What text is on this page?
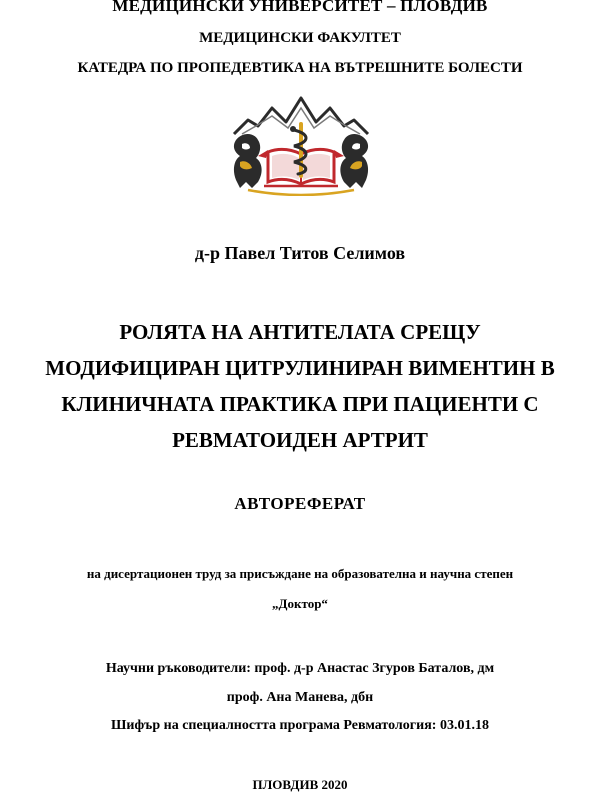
МЕДИЦИНСКИ УНИВЕРСИТЕТ – ПЛОВДИВ
МЕДИЦИНСКИ ФАКУЛТЕТ
КАТЕДРА ПО ПРОПЕДЕВТИКА НА ВЪТРЕШНИТЕ БОЛЕСТИ
д-р Павел Титов Селимов
РОЛЯТА НА АНТИТЕЛАТА СРЕЩУ
МОДИФИЦИРАН ЦИТРУЛИНИРАН ВИМЕНТИН В
КЛИНИЧНАТА ПРАКТИКА ПРИ ПАЦИЕНТИ С
РЕВМАТОИДЕН АРТРИТ
АВТОРЕФЕРАТ
на дисертационен труд за присъждане на образователна и научна степен
„Доктор“
Научни ръководители: проф. д-р Анастас Згуров Баталов, дм
проф. Ана Манева, дбн
Шифър на специалността програма Ревматология: 03.01.18
ПЛОВДИВ 2020
